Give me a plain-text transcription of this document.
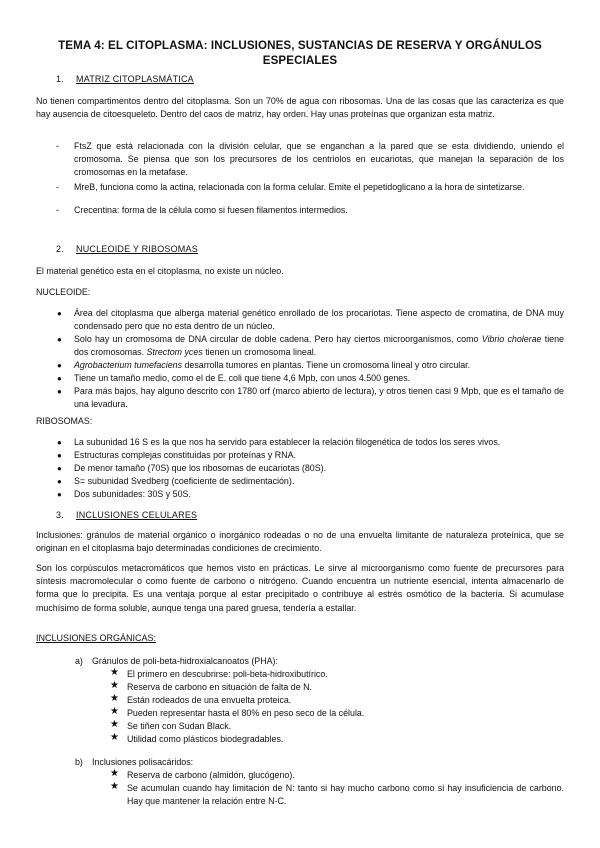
TEMA 4: EL CITOPLASMA: INCLUSIONES, SUSTANCIAS DE RESERVA Y ORGÁNULOS
ESPECIALES
1. MATRIZ CITOPLASMÁTICA
No tienen compartimentos dentro del citoplasma. Son un 70% de agua con ribosomas. Una de las cosas que las caracteriza es que hay ausencia de citoesqueleto. Dentro del caos de matriz, hay orden. Hay unas proteínas que organizan esta matriz.
- FtsZ que está relacionada con la división celular, que se enganchan a la pared que se esta dividiendo, uniendo el cromosoma. Se piensa que son los precursores de los centriolos en eucariotas, que manejan la separación de los cromosomas en la metafase.
- MreB, funciona como la actina, relacionada con la forma celular. Emite el pepetidoglicano a la hora de sintetizarse.
- Crecentina: forma de la célula como si fuesen filamentos intermedios.
2. NUCLEOIDE Y RIBOSOMAS
El material genético esta en el citoplasma, no existe un núcleo.
NUCLEOIDE:
● Área del citoplasma que alberga material genético enrollado de los procariotas. Tiene aspecto de cromatina, de DNA muy condensado pero que no esta dentro de un núcleo.
● Solo hay un cromosoma de DNA circular de doble cadena. Pero hay ciertos microorganismos, como Vibrio cholerae tiene dos cromosomas. Strectom yces tienen un cromosoma lineal.
● Agrobacterium tumefaciens desarrolla tumores en plantas. Tiene un cromosoma lineal y otro circular.
● Tiene un tamaño medio, como el de E. coli que tiene 4,6 Mpb, con unos 4.500 genes.
● Para más bajos, hay alguno descrito con 1780 orf (marco abierto de lectura), y otros tienen casi 9 Mpb, que es el tamaño de una levadura.
RIBOSOMAS:
● La subunidad 16 S es la que nos ha servido para establecer la relación filogenética de todos los seres vivos.
● Estructuras complejas constituidas por proteínas y RNA.
● De menor tamaño (70S) que los ribosomas de eucariotas (80S).
● S= subunidad Svedberg (coeficiente de sedimentación).
● Dos subunidades: 30S y 50S.
3. INCLUSIONES CELULARES
Inclusiones: gránulos de material orgánico o inorgánico rodeadas o no de una envuelta limitante de naturaleza proteínica, que se originan en el citoplasma bajo determinadas condiciones de crecimiento.
Son los corpúsculos metacromáticos que hemos visto en prácticas. Le sirve al microorganismo como fuente de precursores para síntesis macromolecular o como fuente de carbono o nitrógeno. Cuando encuentra un nutriente esencial, intenta almacenarlo de forma que lo precipita. Es una ventaja porque al estar precipitado o contribuye al estrés osmótico de la bacteria. Si acumulase muchísimo de forma soluble, aunque tenga una pared gruesa, tendería a estallar.
INCLUSIONES ORGÁNICAS:
a) Gránulos de poli-beta-hidroxialcanoatos (PHA):
★ El primero en descubrirse: poli-beta-hidroxibutírico.
★ Reserva de carbono en situación de falta de N.
★ Están rodeados de una envuelta proteica.
★ Pueden representar hasta el 80% en peso seco de la célula.
★ Se tiñen con Sudan Black.
★ Utilidad como plásticos biodegradables.
b) Inclusiones polisacáridos:
★ Reserva de carbono (almidón, glucógeno).
★ Se acumulan cuando hay limitación de N: tanto si hay mucho carbono como si hay insuficiencia de carbono. Hay que mantener la relación entre N-C.
